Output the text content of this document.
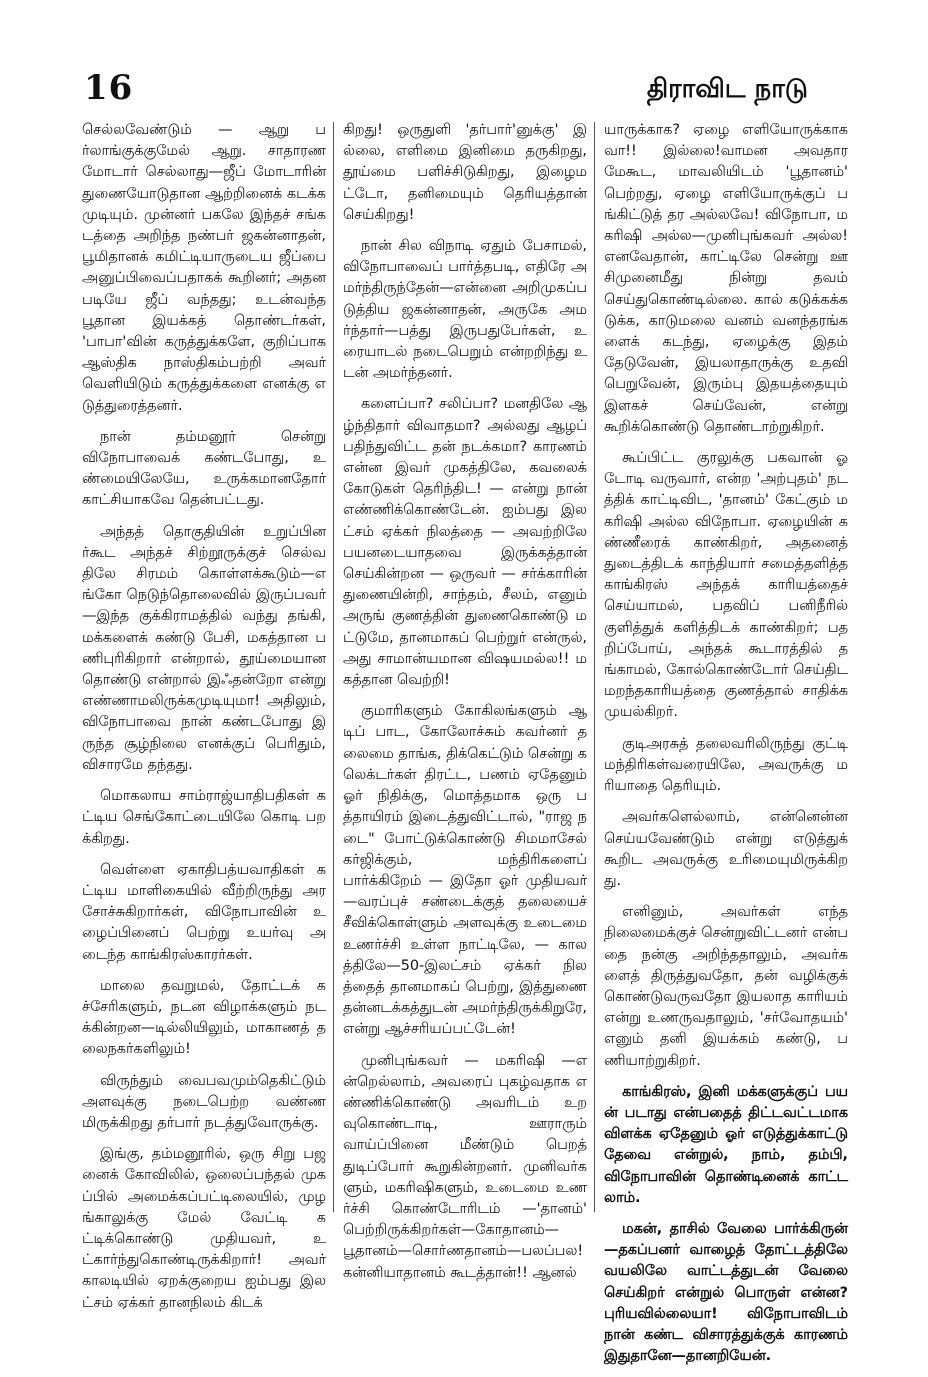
16	திராவிட நாடு

செல்லவேண்டும் — ஆறு பர்லாங்குக்குமேல் ஆறு. சாதாரண மோடார் செல்லாது—ஜீப் மோடாரின் துணையோடுதான ஆற்றினைக் கடக்கமுடியும். முன்னர் பகலே இந்தச் சங்கடத்தை அறிந்த நண்பர் ஜகன்னாதன், பூமிதானக் கமிட்டியாருடைய ஜீப்பை அனுப்பிவைப்பதாகக் கூறினர்; அதனபடியே ஜீப் வந்தது; உடன்வந்த பூதான இயக்கத் தொண்டர்கள், 'பாபா'வின் கருத்துக்களே, குறிப்பாக ஆஸ்திக நாஸ்திகம்பற்றி அவர் வெளியிடும் கருத்துக்களை எனக்கு எடுத்துரைத்தனர்.

நான் தம்மனூர் சென்று விநோபாவைக் கண்டபோது, உண்மையிலேயே, உருக்கமானதோர் காட்சியாகவே தென்பட்டது.

அந்தத் தொகுதியின் உறுப்பினர்கூட அந்தச் சிற்றூருக்குச் செல்வதிலே சிரமம் கொள்ளக்கூடும்—எங்கோ நெடுந்தொலைவில் இருப்பவர்—இந்த குக்கிராமத்தில் வந்து தங்கி, மக்களைக் கண்டு பேசி, மகத்தான பணிபுரிகிறார் என்றால், தூய்மையான தொண்டு என்றால் இஃதன்றோ என்று எண்ணாமலிருக்கமுடியுமா! அதிலும், விநோபாவை நான் கண்டபோது இருந்த சூழ்நிலை எனக்குப் பெரிதும், விசாரமே தந்தது.

மொகலாய சாம்ராஜ்யாதிபதிகள் கட்டிய செங்கோட்டையிலே கொடி பறக்கிறது.

வெள்ளை ஏகாதிபத்யவாதிகள் கட்டிய மாளிகையில் வீற்றிருந்து அரசோச்சுகிறார்கள், விநோபாவின் உழைப்பினைப் பெற்று உயர்வு அடைந்த காங்கிரஸ்காரர்கள்.

மாலை தவறுமல், தோட்டக் கச்சேரிகளும், நடன விழாக்களும் நடக்கின்றன—டில்லியிலும், மாகாணத் தலைநகர்களிலும்!

விருந்தும் வைபவமும்தெகிட்டும் அளவுக்கு நடைபெற்ற வண்ணமிருக்கிறது தர்பார் நடத்துவோருக்கு.

இங்கு, தம்மனூரில், ஒரு சிறு பஜனைக் கோவிலில், ஒலைப்பந்தல் முகப்பில் அமைக்கப்பட்டிலையில், முழங்காலுக்கு மேல் வேட்டி கட்டிக்கொண்டு முதியவர், உட்கார்ந்துகொண்டிருக்கிறார்! அவர் காலடியில் ஏறக்குறைய ஐம்பது இலட்சம் ஏக்கர் தானநிலம் கிடக்

கிறது! ஒருதுளி 'தர்பார்'னுக்கு' இல்லை, எளிமை இனிமை தருகிறது, தூய்மை பளிச்சிடுகிறது, இழைமட்டோ, தனிமையும் தெரியத்தான் செய்கிறது!

நான் சில விநாடி ஏதும் பேசாமல், விநோபாவைப் பார்த்தபடி, எதிரே அமர்ந்திருந்தேன்—என்னை அறிமுகப்படுத்திய ஜகன்னாதன், அருகே அமர்ந்தார்—பத்து இருபதுபேர்கள், உரையாடல் நடைபெறும் என்றறிந்து உடன் அமர்ந்தனர்.

களைப்பா? சலிப்பா? மனதிலே ஆழ்ந்திதார் விவாதமா? அல்லது ஆழப் பதிந்துவிட்ட தன் நடக்கமா? காரணம் என்ன இவர் முகத்திலே, கவலைக் கோடுகள் தெரிந்திட! — என்று நான் எண்ணிக்கொண்டேன். ஐம்பது இலட்சம் ஏக்கர் நிலத்தை — அவற்றிலே பயனடையாதவை இருக்கத்தான் செய்கின்றன — ஒருவர் — சர்க்காரின் துணையின்றி, சாந்தம், சீலம், எனும் அருங் குணத்தின் துணைகொண்டு மட்டுமே, தானமாகப் பெற்றுர் என்ருல், அது சாமான்யமான விஷயமல்ல!! மகத்தான வெற்றி!

குமாரிகளும் கோகிலங்களும் ஆடிப் பாட, கோலோச்சும் கவர்னர் தலைமை தாங்க, திக்கெட்டும் சென்று கலெக்டர்கள் திரட்ட, பணம் ஏதேனும் ஓர் நிதிக்கு, மொத்தமாக ஒரு பத்தாயிரம் இடைத்துவிட்டால், "ராஜ நடை" போட்டுக்கொண்டு சிமமாசேல் கர்ஜிக்கும், மந்திரிகளைப் பார்க்கிறேம் — இதோ ஓர் முதியவர்—வரப்புச் சண்டைக்குத் தலையைச் சீவிக்கொள்ளும் அளவுக்கு உடைமை உணர்ச்சி உள்ள நாட்டிலே, — காலத்திலே—50-இலட்சம் ஏக்கர் நிலத்தைத் தானமாகப் பெற்று, இத்துணை தன்னடக்கத்துடன் அமர்ந்திருக்கிறுரே, என்று ஆச்சரியப்பட்டேன்!

முனிபுங்கவர் — மகரிஷி —என்றெல்லாம், அவரைப் புகழ்வதாக எண்ணிக்கொண்டு அவரிடம் உறவுகொண்டாடி, ஊராரும் வாய்ப்பினை மீண்டும் பெறத் துடிப்போர் கூறுகின்றனர். முனிவர்களும், மகரிஷிகளும், உடைமை உணர்ச்சி கொண்டோரிடம் —'தானம்' பெற்றிருக்கிறர்கள்—கோதானம்—பூதானம்—சொர்ணதானம்—பலப்பல! கன்னியாதானம் கூடத்தான்!! ஆனல்

யாருக்காக? ஏழை எளியோருக்காகவா!! இல்லை!வாமன அவதாரமேகூட, மாவலியிடம் 'பூதானம்' பெற்றது, ஏழை எளியோருக்குப் பங்கிட்டுத் தர அல்லவே! விநோபா, மகரிஷி அல்ல—முனிபுங்கவர் அல்ல! எனவேதான், காட்டிலே சென்று ஊசிமுனைமீது நின்று தவம் செய்துகொண்டில்லை. கால் கடுக்கக்கடுக்க, காடுமலை வனம் வனந்தரங்களைக் கடந்து, ஏழைக்கு இதம் தேடுவேன், இயலாதாருக்கு உதவி பெறுவேன், இரும்பு இதயத்தையும் இளகச் செய்வேன், என்று கூறிக்கொண்டு தொண்டாற்றுகிறர்.

கூப்பிட்ட குரலுக்கு பகவான் ஓடோடி வருவார், என்ற 'அற்புதம்' நடத்திக் காட்டிவிட, 'தானம்' கேட்கும் மகரிஷி அல்ல விநோபா. ஏழையின் கண்ணீரைக் காண்கிறர், அதனைத் துடைத்திடக் காந்தியார் சமைத்தளித்த காங்கிரஸ் அந்தக் காரியத்தைச் செய்யாமல், பதவிப் பனிநீரில் குளித்துக் களித்திடக் காண்கிறர்; பதறிப்போய், அந்தக் கூடாரத்தில் தங்காமல், கோல்கொண்டோர் செய்திட மறந்தகாரியத்தை குணத்தால் சாதிக்க முயல்கிறர்.

குடிஅரசுத் தலைவரிலிருந்து குட்டி மந்திரிகள்வரையிலே, அவருக்கு மரியாதை தெரியும்.

அவர்களெல்லாம், என்னென்ன செய்யவேண்டும் என்று எடுத்துக் கூறிட அவருக்கு உரிமையுமிருக்கிறது.

எனினும், அவர்கள் எந்த நிலைமைக்குச் சென்றுவிட்டனர் என்பதை நன்கு அறிந்ததாலும், அவர்களைத் திருத்துவதோ, தன் வழிக்குக் கொண்டுவருவதோ இயலாத காரியம் என்று உணருவதாலும், 'சர்வோதயம்' எனும் தனி இயக்கம் கண்டு, பணியாற்றுகிறர்.

காங்கிரஸ், இனி மக்களுக்குப் பயன் படாது என்பதைத் திட்டவட்டமாக விளக்க ஏதேனும் ஓர் எடுத்துக்காட்டு தேவை என்றுல், நாம், தம்பி, விநோபாவின் தொண்டினைக் காட்டலாம்.

மகன், தாசில் வேலை பார்க்கிருன்—தகப்பனர் வாழைத் தோட்டத்திலே வயலிலே வாட்டத்துடன் வேலை செய்கிறர் என்றுல் பொருள் என்ன? புரியவில்லையா! விநோபாவிடம் நான் கண்ட விசாரத்துக்குக் காரணம் இதுதானே—தானறியேன்.
